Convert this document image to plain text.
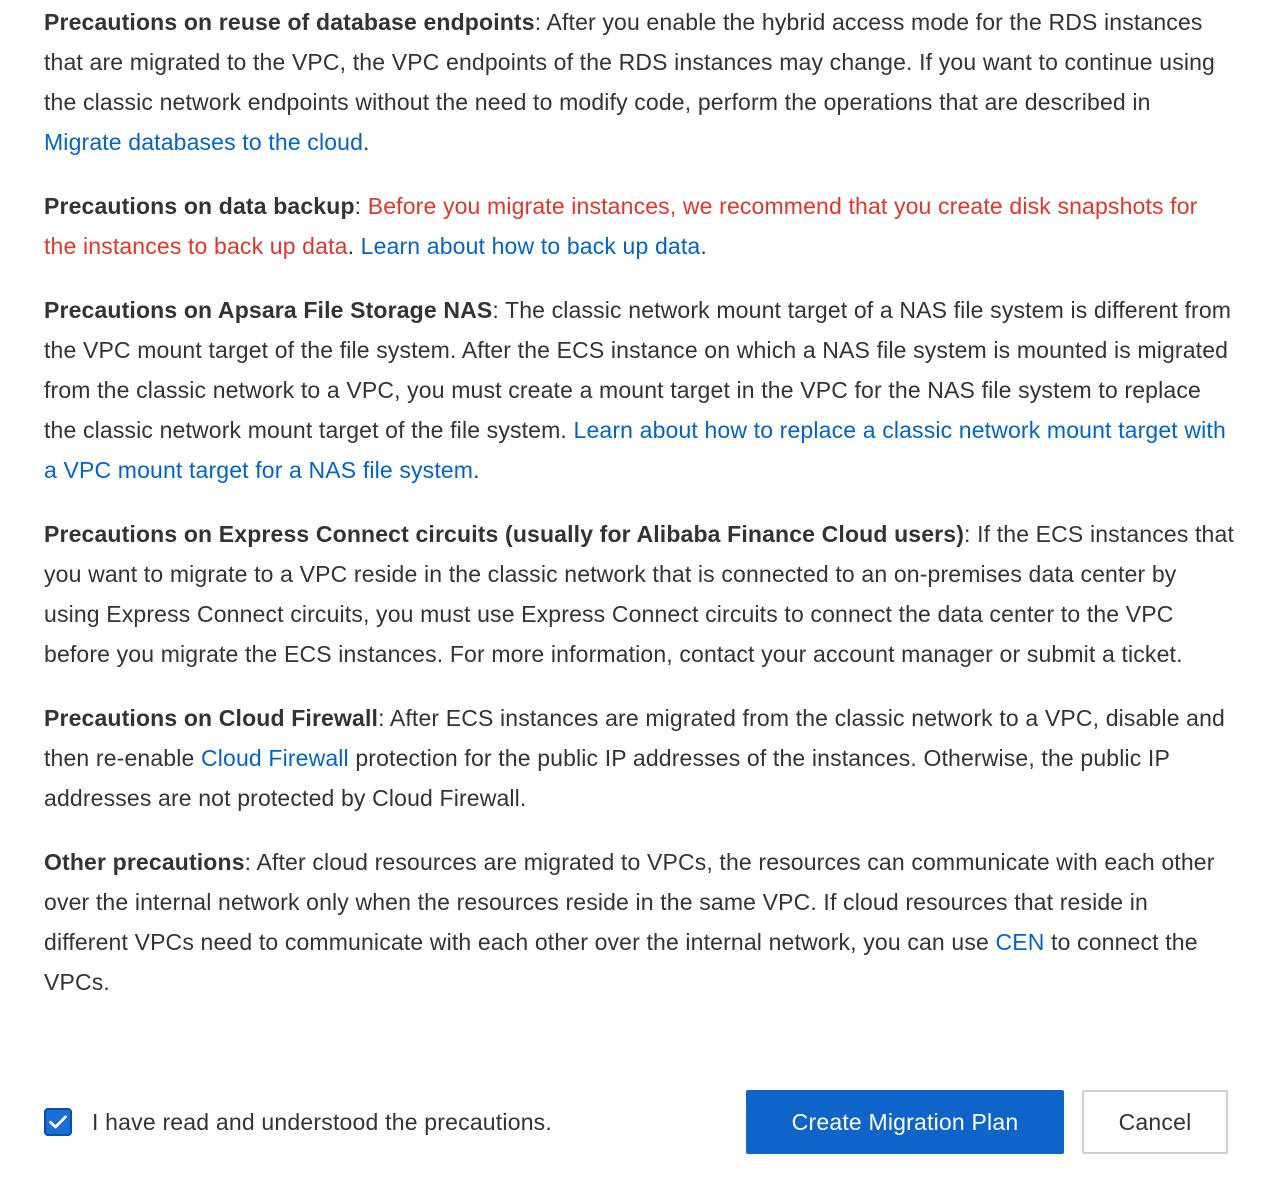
Precautions on reuse of database endpoints: After you enable the hybrid access mode for the RDS instances that are migrated to the VPC, the VPC endpoints of the RDS instances may change. If you want to continue using the classic network endpoints without the need to modify code, perform the operations that are described in Migrate databases to the cloud.

Precautions on data backup: Before you migrate instances, we recommend that you create disk snapshots for the instances to back up data. Learn about how to back up data.

Precautions on Apsara File Storage NAS: The classic network mount target of a NAS file system is different from the VPC mount target of the file system. After the ECS instance on which a NAS file system is mounted is migrated from the classic network to a VPC, you must create a mount target in the VPC for the NAS file system to replace the classic network mount target of the file system. Learn about how to replace a classic network mount target with a VPC mount target for a NAS file system.

Precautions on Express Connect circuits (usually for Alibaba Finance Cloud users): If the ECS instances that you want to migrate to a VPC reside in the classic network that is connected to an on-premises data center by using Express Connect circuits, you must use Express Connect circuits to connect the data center to the VPC before you migrate the ECS instances. For more information, contact your account manager or submit a ticket.

Precautions on Cloud Firewall: After ECS instances are migrated from the classic network to a VPC, disable and then re-enable Cloud Firewall protection for the public IP addresses of the instances. Otherwise, the public IP addresses are not protected by Cloud Firewall.

Other precautions: After cloud resources are migrated to VPCs, the resources can communicate with each other over the internal network only when the resources reside in the same VPC. If cloud resources that reside in different VPCs need to communicate with each other over the internal network, you can use CEN to connect the VPCs.

I have read and understood the precautions.	Create Migration Plan	Cancel
